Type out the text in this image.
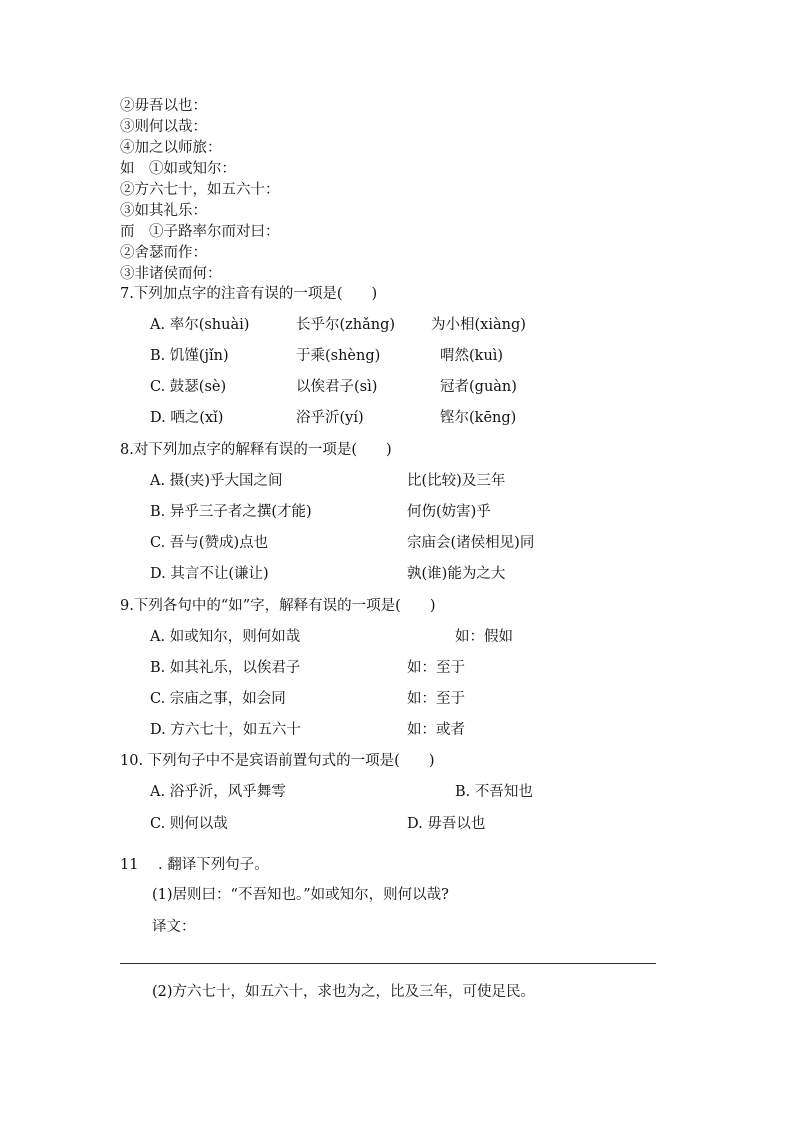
②毋吾以也：
③则何以哉：
④加之以师旅：
如　①如或知尔：
②方六七十，如五六十：
③如其礼乐：
而　①子路率尔而对曰：
②舍瑟而作：
③非诸侯而何：
7.下列加点字的注音有误的一项是(　　)
A. 率尔(shuài)	长乎尔(zhǎng) 为小相(xiàng)
B. 饥馑(jǐn)	于乘(shèng)	喟然(kuì)
C. 鼓瑟(sè)	以俟君子(sì)	冠者(guàn)
D. 哂之(xǐ)	浴乎沂(yí)	铿尔(kēng)
8.对下列加点字的解释有误的一项是(　　)
A. 摄(夹)乎大国之间	比(比较)及三年
B. 异乎三子者之撰(才能)	何伤(妨害)乎
C. 吾与(赞成)点也	宗庙会(诸侯相见)同
D. 其言不让(谦让)	孰(谁)能为之大
9.下列各句中的“如”字，解释有误的一项是(　　)
A. 如或知尔，则何如哉	如：假如
B. 如其礼乐，以俟君子	如：至于
C. 宗庙之事，如会同	如：至于
D. 方六七十，如五六十	如：或者
10. 下列句子中不是宾语前置句式的一项是(　　)
A. 浴乎沂，风乎舞雩	B. 不吾知也
C. 则何以哉	D. 毋吾以也
11 . 翻译下列句子。
(1)居则曰：“不吾知也。”如或知尔，则何以哉?
译文：
(2)方六七十，如五六十，求也为之，比及三年，可使足民。
